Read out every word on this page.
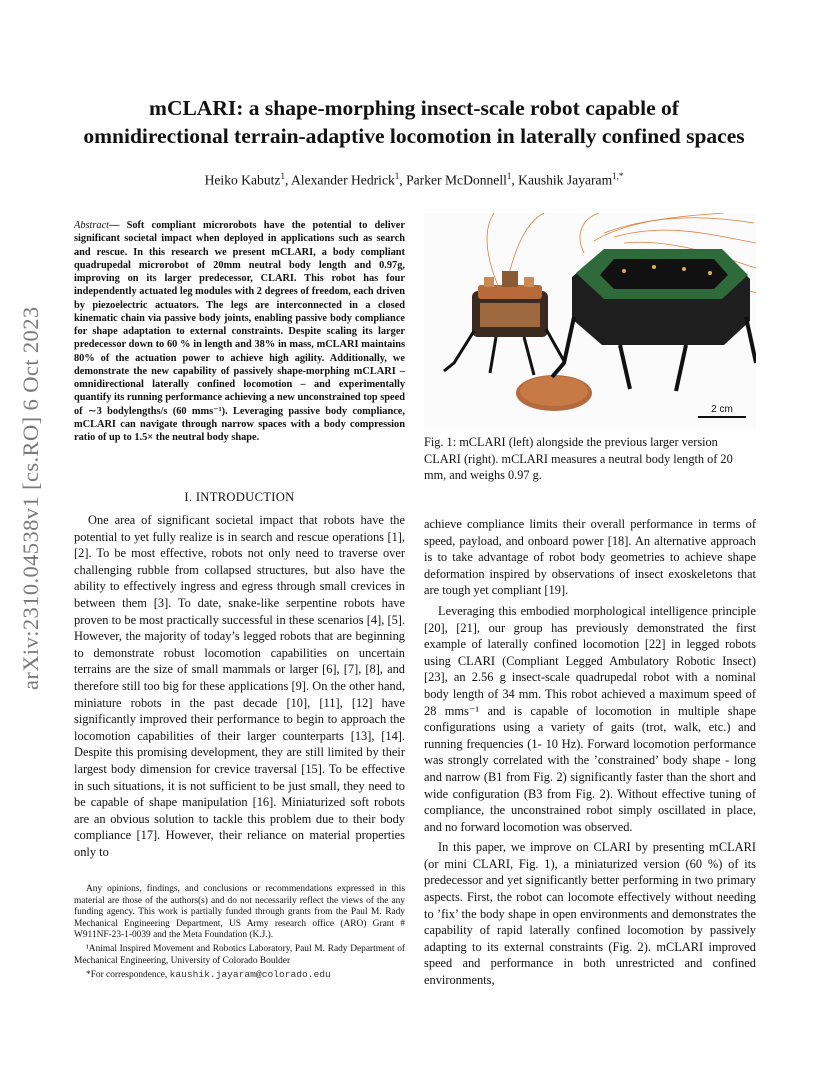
mCLARI: a shape-morphing insect-scale robot capable of
omnidirectional terrain-adaptive locomotion in laterally confined spaces
Heiko Kabutz$^1$, Alexander Hedrick$^1$, Parker McDonnell$^1$, Kaushik Jayaram$^{1,*}$
arXiv:2310.04538v1 [cs.RO] 6 Oct 2023
Abstract— Soft compliant microrobots have the potential to deliver significant societal impact when deployed in applications such as search and rescue. In this research we present mCLARI, a body compliant quadrupedal microrobot of 20mm neutral body length and 0.97g, improving on its larger predecessor, CLARI. This robot has four independently actuated leg modules with 2 degrees of freedom, each driven by piezoelectric actuators. The legs are interconnected in a closed kinematic chain via passive body joints, enabling passive body compliance for shape adaptation to external constraints. Despite scaling its larger predecessor down to 60 % in length and 38% in mass, mCLARI maintains 80% of the actuation power to achieve high agility. Additionally, we demonstrate the new capability of passively shape-morphing mCLARI – omnidirectional laterally confined locomotion – and experimentally quantify its running performance achieving a new unconstrained top speed of ∼3 bodylengths/s (60 mms⁻¹). Leveraging passive body compliance, mCLARI can navigate through narrow spaces with a body compression ratio of up to 1.5× the neutral body shape.
I. INTRODUCTION

One area of significant societal impact that robots have the potential to yet fully realize is in search and rescue operations [1], [2]. To be most effective, robots not only need to traverse over challenging rubble from collapsed structures, but also have the ability to effectively ingress and egress through small crevices in between them [3]. To date, snake-like serpentine robots have proven to be most practically successful in these scenarios [4], [5]. However, the majority of today’s legged robots that are beginning to demonstrate robust locomotion capabilities on uncertain terrains are the size of small mammals or larger [6], [7], [8], and therefore still too big for these applications [9]. On the other hand, miniature robots in the past decade [10], [11], [12] have significantly improved their performance to begin to approach the locomotion capabilities of their larger counterparts [13], [14]. Despite this promising development, they are still limited by their largest body dimension for crevice traversal [15]. To be effective in such situations, it is not sufficient to be just small, they need to be capable of shape manipulation [16]. Miniaturized soft robots are an obvious solution to tackle this problem due to their body compliance [17]. However, their reliance on material properties only to

Any opinions, findings, and conclusions or recommendations expressed in this material are those of the authors(s) and do not necessarily reflect the views of the any funding agency. This work is partially funded through grants from the Paul M. Rady Mechanical Engineering Department, US Army research office (ARO) Grant # W911NF-23-1-0039 and the Meta Foundation (K.J.).

¹Animal Inspired Movement and Robotics Laboratory, Paul M. Rady Department of Mechanical Engineering, University of Colorado Boulder

*For correspondence, kaushik.jayaram@colorado.edu

2 cm
Fig. 1: mCLARI (left) alongside the previous larger version CLARI (right). mCLARI measures a neutral body length of 20 mm, and weighs 0.97 g.

achieve compliance limits their overall performance in terms of speed, payload, and onboard power [18]. An alternative approach is to take advantage of robot body geometries to achieve shape deformation inspired by observations of insect exoskeletons that are tough yet compliant [19].

Leveraging this embodied morphological intelligence principle [20], [21], our group has previously demonstrated the first example of laterally confined locomotion [22] in legged robots using CLARI (Compliant Legged Ambulatory Robotic Insect) [23], an 2.56 g insect-scale quadrupedal robot with a nominal body length of 34 mm. This robot achieved a maximum speed of 28 mms⁻¹ and is capable of locomotion in multiple shape configurations using a variety of gaits (trot, walk, etc.) and running frequencies (1- 10 Hz). Forward locomotion performance was strongly correlated with the ’constrained’ body shape - long and narrow (B1 from Fig. 2) significantly faster than the short and wide configuration (B3 from Fig. 2). Without effective tuning of compliance, the unconstrained robot simply oscillated in place, and no forward locomotion was observed.

In this paper, we improve on CLARI by presenting mCLARI (or mini CLARI, Fig. 1), a miniaturized version (60 %) of its predecessor and yet significantly better performing in two primary aspects. First, the robot can locomote effectively without needing to ’fix’ the body shape in open environments and demonstrates the capability of rapid laterally confined locomotion by passively adapting to its external constraints (Fig. 2). mCLARI improved speed and performance in both unrestricted and confined environments,
